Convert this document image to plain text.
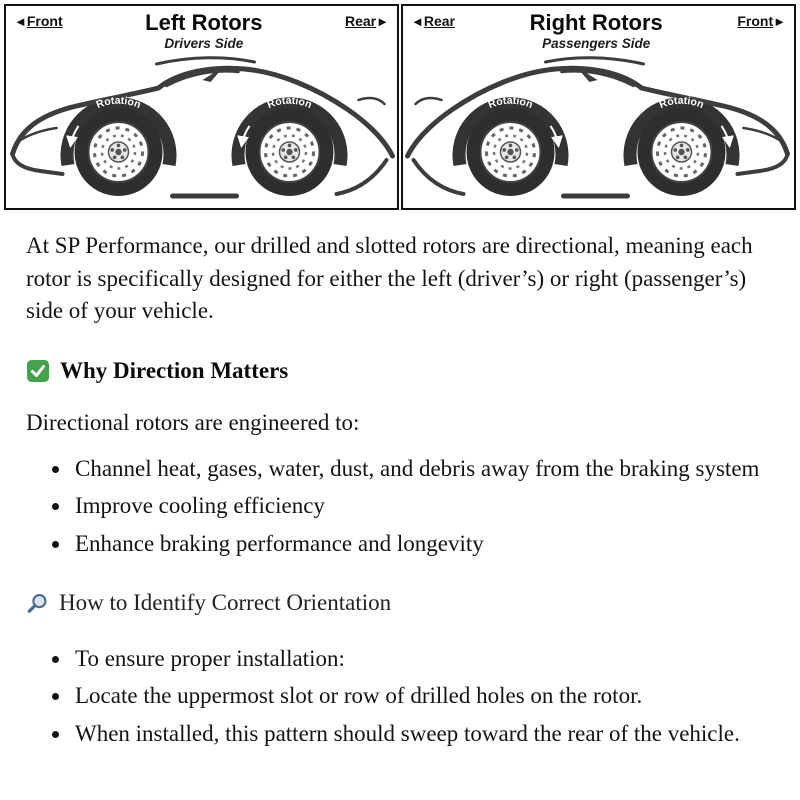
◄Front	Left Rotors
Drivers Side
Rear►
Rotation	Rotation
◄Rear	Right Rotors
Passengers Side
Front►
Rotation	Rotation

At SP Performance, our drilled and slotted rotors are directional, meaning each rotor is specifically designed for either the left (driver’s) or right (passenger’s) side of your vehicle.

Why Direction Matters

Directional rotors are engineered to:

• Channel heat, gases, water, dust, and debris away from the braking system
• Improve cooling efficiency
• Enhance braking performance and longevity
How to Identify Correct Orientation
• To ensure proper installation:
• Locate the uppermost slot or row of drilled holes on the rotor.
• When installed, this pattern should sweep toward the rear of the vehicle.
